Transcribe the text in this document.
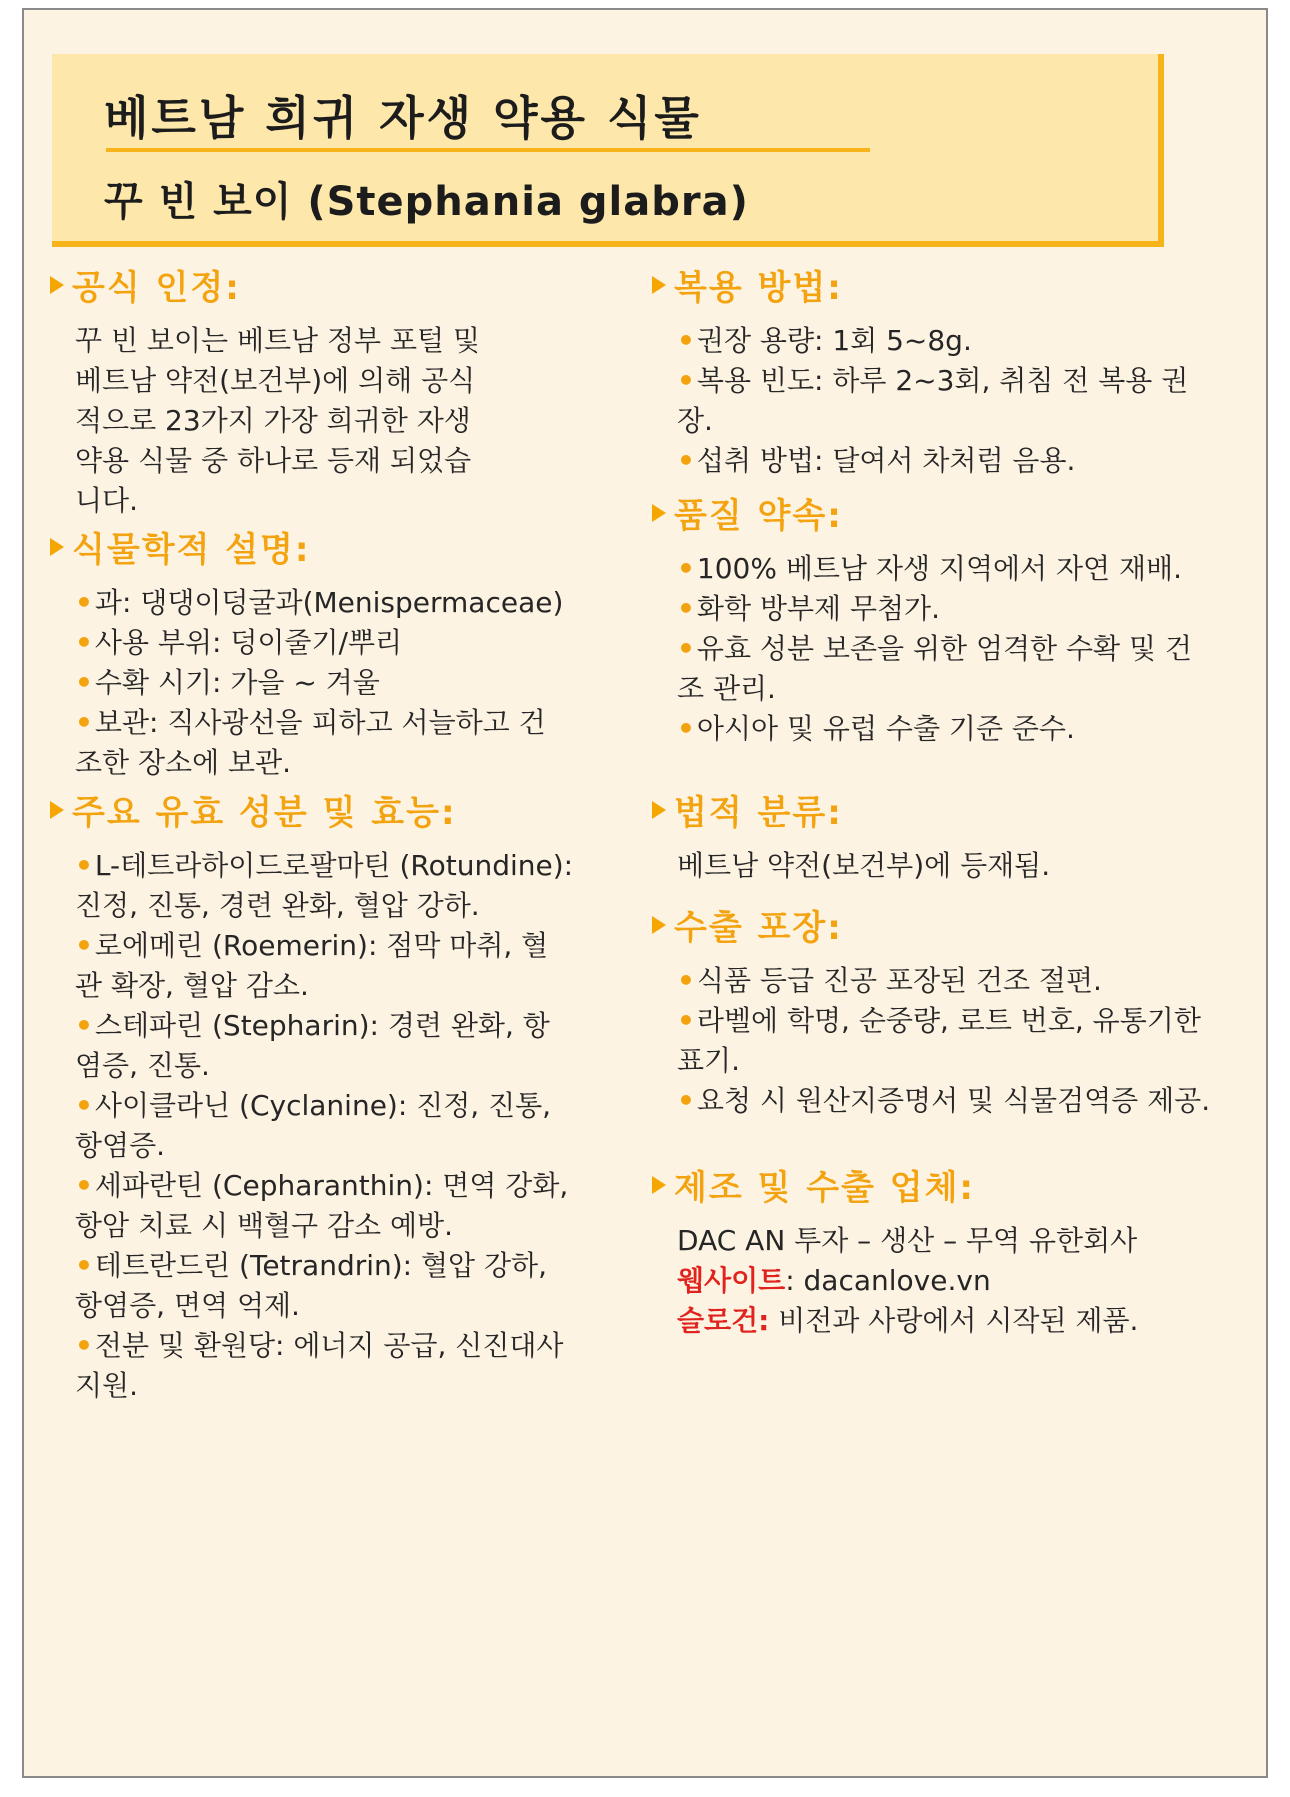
베트남 희귀 자생 약용 식물
꾸 빈 보이 (Stephania glabra)
공식 인정:
꾸 빈 보이는 베트남 정부 포털 및 베트남 약전(보건부)에 의해 공식적으로 23가지 가장 희귀한 자생 약용 식물 중 하나로 등재 되었습니다.
식물학적 설명:

•과: 댕댕이덩굴과(Menispermaceae)

•사용 부위: 덩이줄기/뿌리

•수확 시기: 가을 ~ 겨울

•보관: 직사광선을 피하고 서늘하고 건조한 장소에 보관.

주요 유효 성분 및 효능:

•L-테트라하이드로팔마틴 (Rotundine): 진정, 진통, 경련 완화, 혈압 강하.

•로에메린 (Roemerin): 점막 마취, 혈관 확장, 혈압 감소.

•스테파린 (Stepharin): 경련 완화, 항염증, 진통.

•사이클라닌 (Cyclanine): 진정, 진통, 항염증.

•세파란틴 (Cepharanthin): 면역 강화, 항암 치료 시 백혈구 감소 예방.

•테트란드린 (Tetrandrin): 혈압 강하, 항염증, 면역 억제.

•전분 및 환원당: 에너지 공급, 신진대사 지원.

복용 방법:

•권장 용량: 1회 5~8g.

•복용 빈도: 하루 2~3회, 취침 전 복용 권장.

•섭취 방법: 달여서 차처럼 음용.

품질 약속:

•100% 베트남 자생 지역에서 자연 재배.

•화학 방부제 무첨가.

•유효 성분 보존을 위한 엄격한 수확 및 건조 관리.

•아시아 및 유럽 수출 기준 준수.

법적 분류:
베트남 약전(보건부)에 등재됨.
수출 포장:

•식품 등급 진공 포장된 건조 절편.

•라벨에 학명, 순중량, 로트 번호, 유통기한 표기.

•요청 시 원산지증명서 및 식물검역증 제공.

제조 및 수출 업체:

DAC AN 투자 – 생산 – 무역 유한회사

웹사이트: dacanlove.vn

슬로건: 비전과 사랑에서 시작된 제품.
